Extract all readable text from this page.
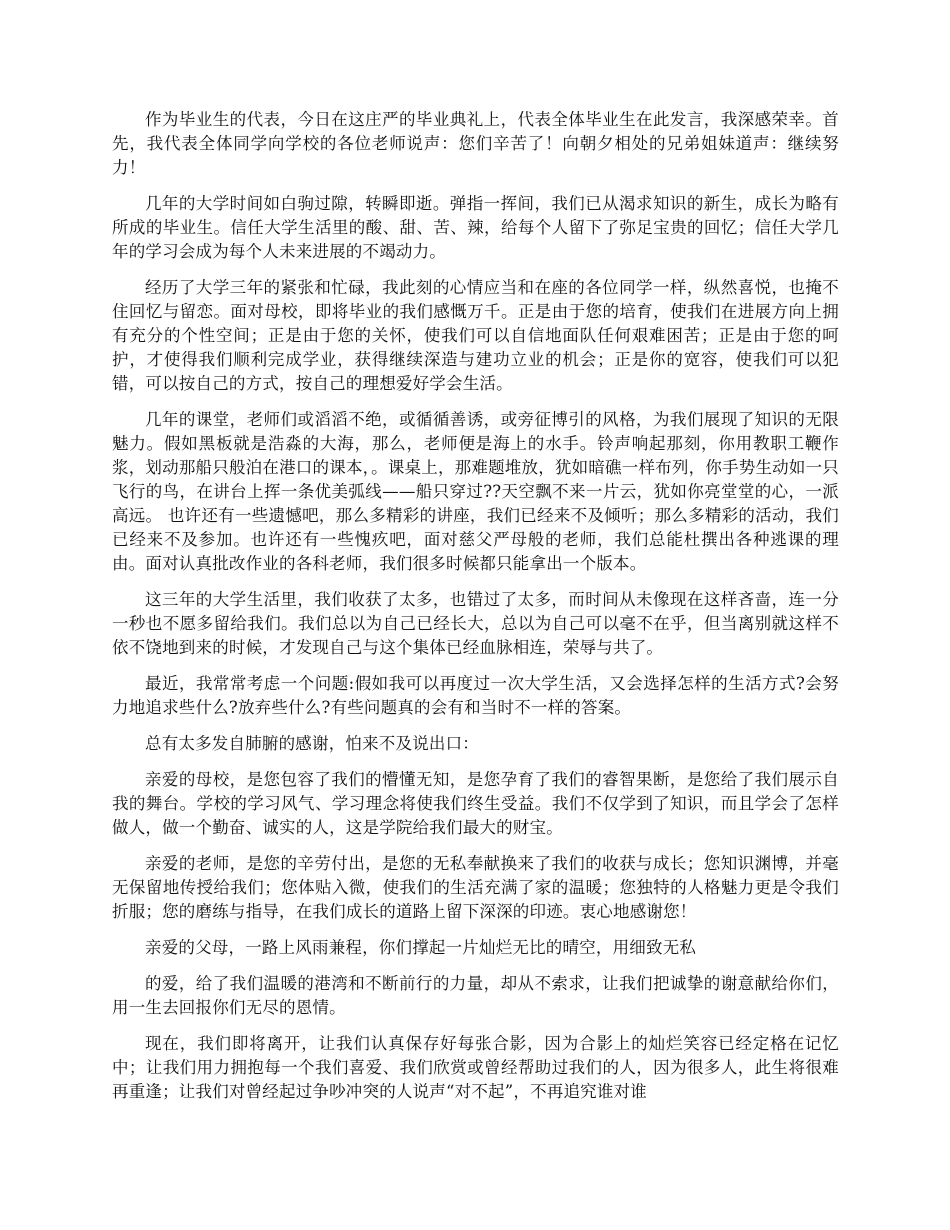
作为毕业生的代表，今日在这庄严的毕业典礼上，代表全体毕业生在此发言，我深感荣幸。首先，我代表全体同学向学校的各位老师说声：您们辛苦了！向朝夕相处的兄弟姐妹道声：继续努力！

几年的大学时间如白驹过隙，转瞬即逝。弹指一挥间，我们已从渴求知识的新生，成长为略有所成的毕业生。信任大学生活里的酸、甜、苦、辣，给每个人留下了弥足宝贵的回忆；信任大学几年的学习会成为每个人未来进展的不竭动力。

经历了大学三年的紧张和忙碌，我此刻的心情应当和在座的各位同学一样，纵然喜悦，也掩不住回忆与留恋。面对母校，即将毕业的我们感慨万千。正是由于您的培育，使我们在进展方向上拥有充分的个性空间；正是由于您的关怀，使我们可以自信地面队任何艰难困苦；正是由于您的呵护，才使得我们顺利完成学业，获得继续深造与建功立业的机会；正是你的宽容，使我们可以犯错，可以按自己的方式，按自己的理想爱好学会生活。

几年的课堂，老师们或滔滔不绝，或循循善诱，或旁征博引的风格，为我们展现了知识的无限魅力。假如黑板就是浩淼的大海，那么，老师便是海上的水手。铃声响起那刻，你用教职工鞭作浆，划动那船只般泊在港口的课本，。课桌上，那难题堆放，犹如暗礁一样布列，你手势生动如一只飞行的鸟，在讲台上挥一条优美弧线——船只穿过??天空飘不来一片云，犹如你亮堂堂的心，一派高远。 也许还有一些遗憾吧，那么多精彩的讲座，我们已经来不及倾听；那么多精彩的活动，我们已经来不及参加。也许还有一些愧疚吧，面对慈父严母般的老师，我们总能杜撰出各种逃课的理由。面对认真批改作业的各科老师，我们很多时候都只能拿出一个版本。

这三年的大学生活里，我们收获了太多，也错过了太多，而时间从未像现在这样吝啬，连一分一秒也不愿多留给我们。我们总以为自己已经长大，总以为自己可以毫不在乎，但当离别就这样不依不饶地到来的时候，才发现自己与这个集体已经血脉相连，荣辱与共了。

最近，我常常考虑一个问题:假如我可以再度过一次大学生活，又会选择怎样的生活方式?会努力地追求些什么?放弃些什么?有些问题真的会有和当时不一样的答案。

总有太多发自肺腑的感谢，怕来不及说出口：

亲爱的母校，是您包容了我们的懵懂无知，是您孕育了我们的睿智果断，是您给了我们展示自我的舞台。学校的学习风气、学习理念将使我们终生受益。我们不仅学到了知识，而且学会了怎样做人，做一个勤奋、诚实的人，这是学院给我们最大的财宝。

亲爱的老师，是您的辛劳付出，是您的无私奉献换来了我们的收获与成长；您知识渊博，并毫无保留地传授给我们；您体贴入微，使我们的生活充满了家的温暖；您独特的人格魅力更是令我们折服；您的磨练与指导，在我们成长的道路上留下深深的印迹。衷心地感谢您！

亲爱的父母，一路上风雨兼程，你们撑起一片灿烂无比的晴空，用细致无私

的爱，给了我们温暖的港湾和不断前行的力量，却从不索求，让我们把诚挚的谢意献给你们，用一生去回报你们无尽的恩情。

现在，我们即将离开，让我们认真保存好每张合影，因为合影上的灿烂笑容已经定格在记忆中；让我们用力拥抱每一个我们喜爱、我们欣赏或曾经帮助过我们的人，因为很多人，此生将很难再重逢；让我们对曾经起过争吵冲突的人说声“对不起”，不再追究谁对谁
